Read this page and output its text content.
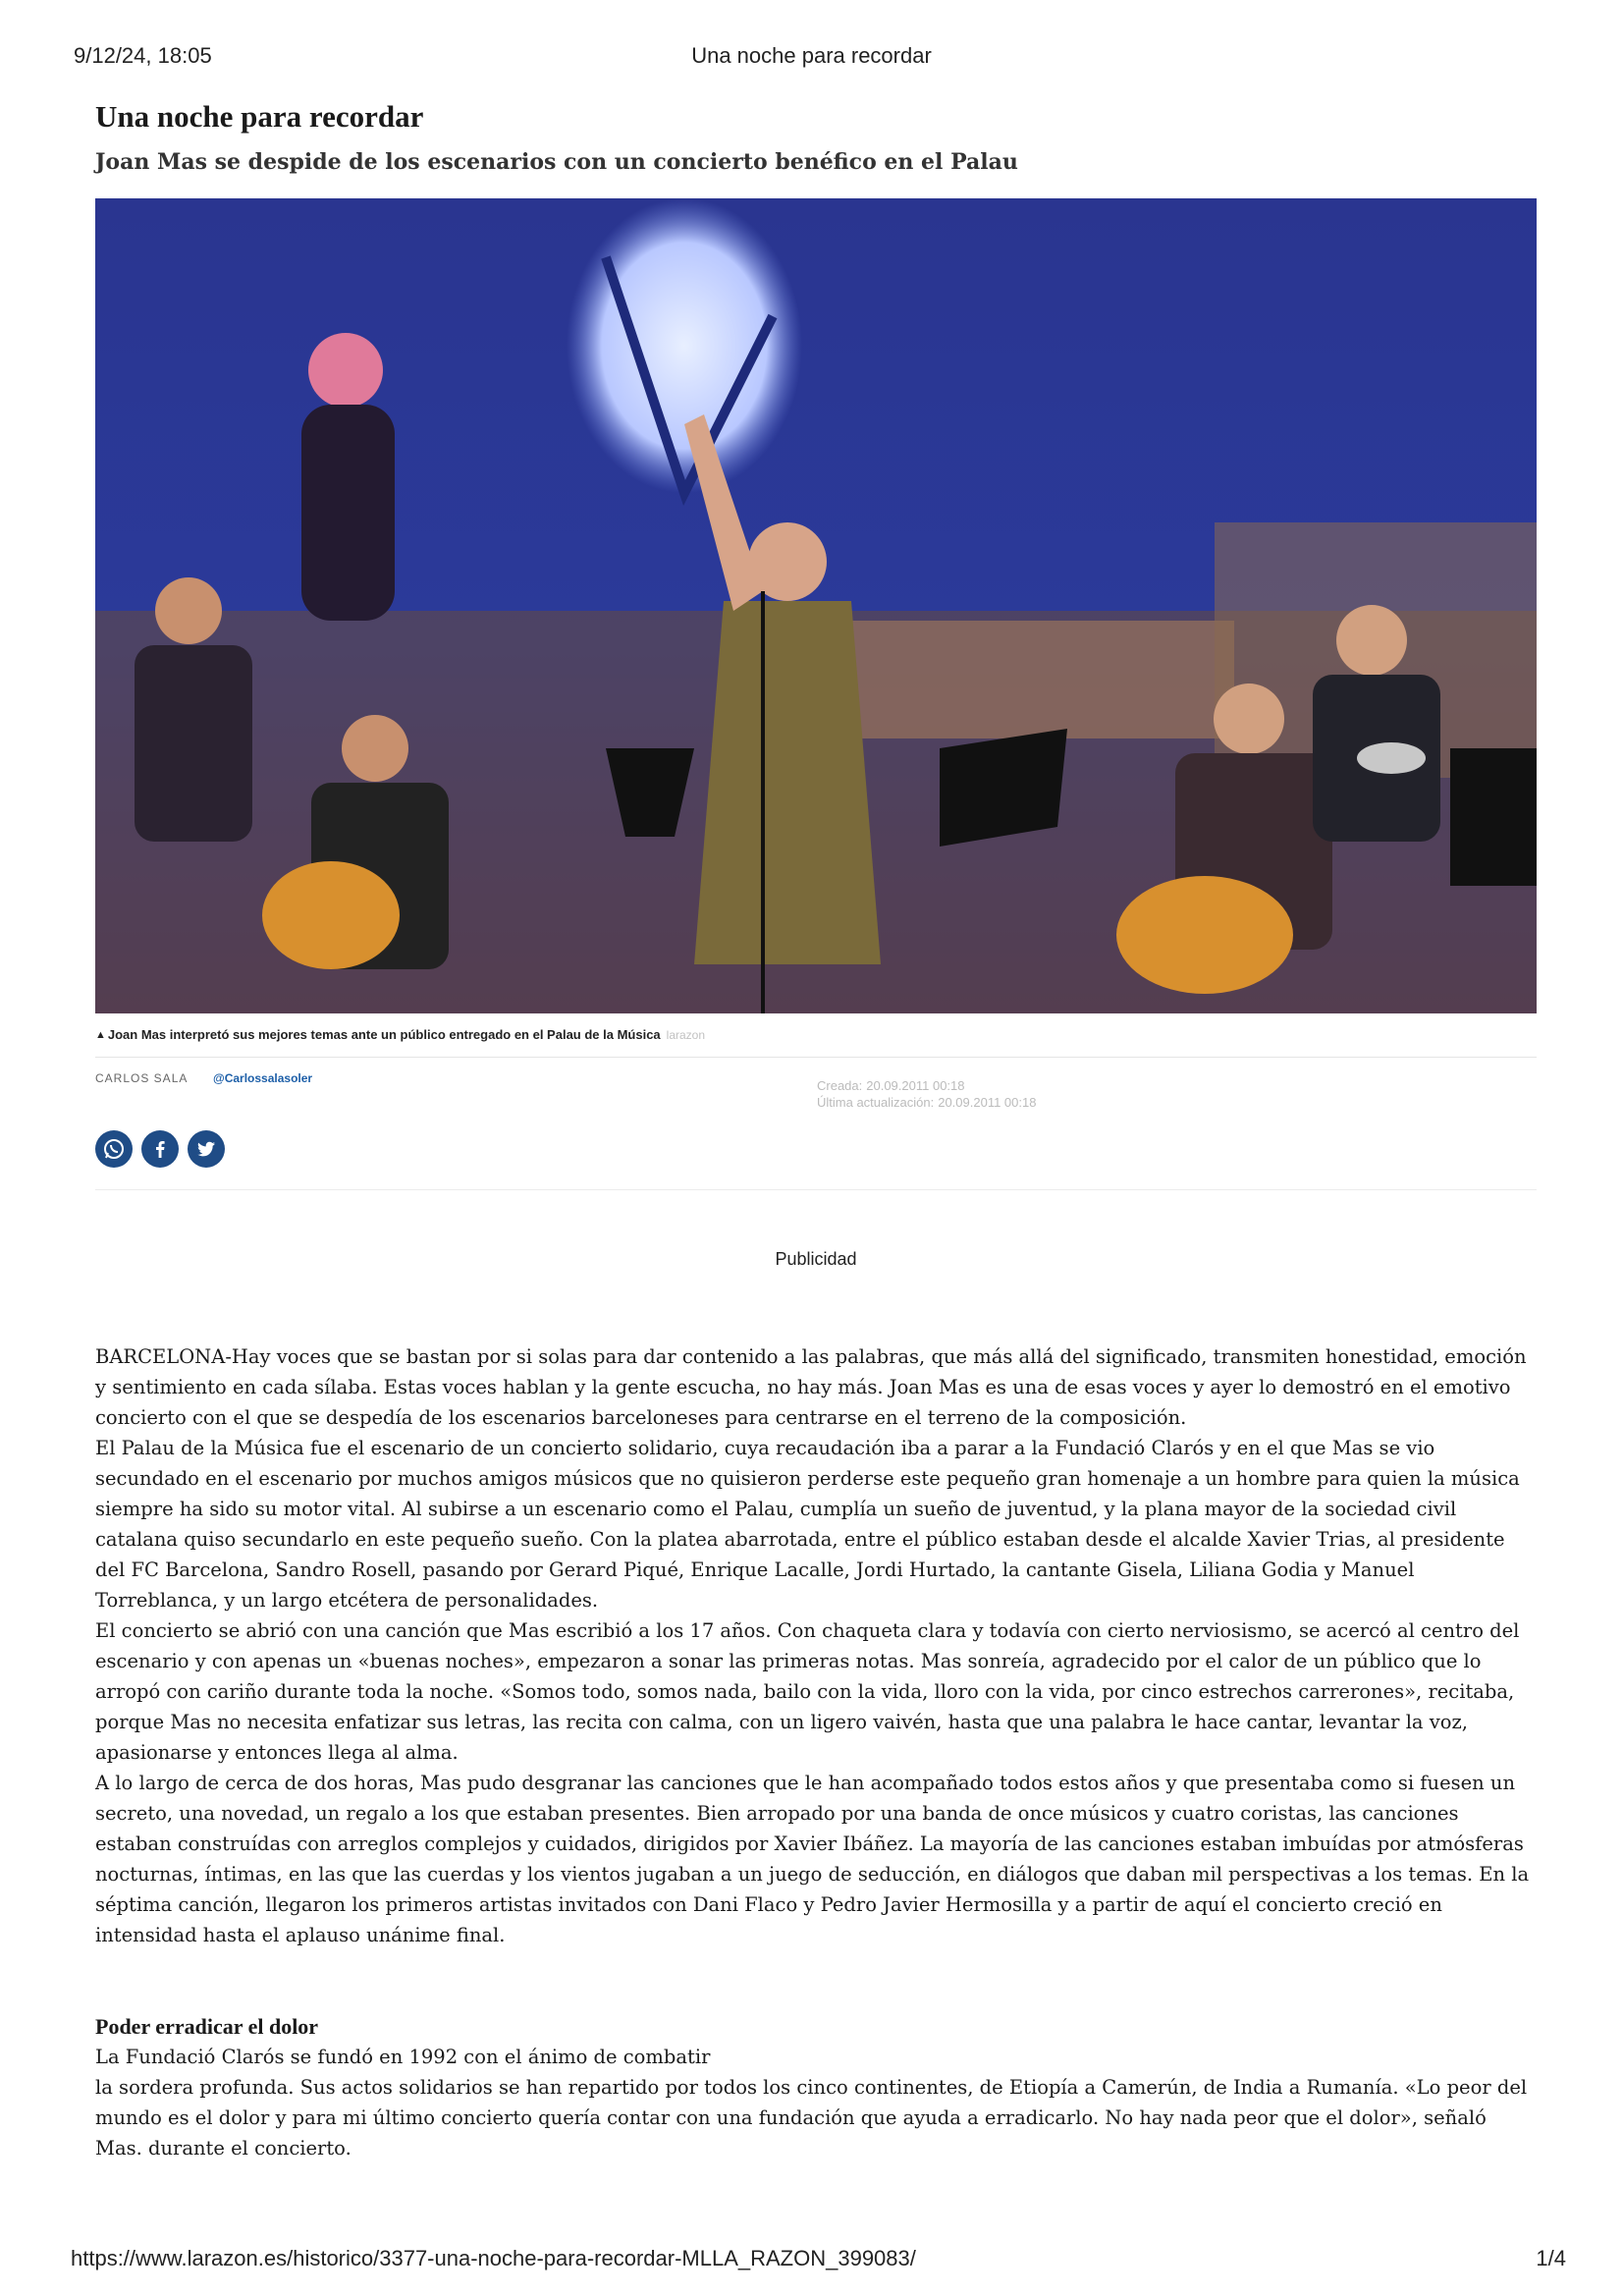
9/12/24, 18:05	Una noche para recordar
Una noche para recordar
Joan Mas se despide de los escenarios con un concierto benéfico en el Palau
▲ Joan Mas interpretó sus mejores temas ante un público entregado en el Palau de la Música larazon
CARLOS SALA @Carlossalasoler	Creada: 20.09.2011 00:18
Última actualización: 20.09.2011 00:18
Publicidad

BARCELONA-Hay voces que se bastan por si solas para dar contenido a las palabras, que más allá del significado, transmiten honestidad, emoción y sentimiento en cada sílaba. Estas voces hablan y la gente escucha, no hay más. Joan Mas es una de esas voces y ayer lo demostró en el emotivo concierto con el que se despedía de los escenarios barceloneses para centrarse en el terreno de la composición.

El Palau de la Música fue el escenario de un concierto solidario, cuya recaudación iba a parar a la Fundació Clarós y en el que Mas se vio secundado en el escenario por muchos amigos músicos que no quisieron perderse este pequeño gran homenaje a un hombre para quien la música siempre ha sido su motor vital. Al subirse a un escenario como el Palau, cumplía un sueño de juventud, y la plana mayor de la sociedad civil catalana quiso secundarlo en este pequeño sueño. Con la platea abarrotada, entre el público estaban desde el alcalde Xavier Trias, al presidente del FC Barcelona, Sandro Rosell, pasando por Gerard Piqué, Enrique Lacalle, Jordi Hurtado, la cantante Gisela, Liliana Godia y Manuel Torreblanca, y un largo etcétera de personalidades.

El concierto se abrió con una canción que Mas escribió a los 17 años. Con chaqueta clara y todavía con cierto nerviosismo, se acercó al centro del escenario y con apenas un «buenas noches», empezaron a sonar las primeras notas. Mas sonreía, agradecido por el calor de un público que lo arropó con cariño durante toda la noche. «Somos todo, somos nada, bailo con la vida, lloro con la vida, por cinco estrechos carrerones», recitaba, porque Mas no necesita enfatizar sus letras, las recita con calma, con un ligero vaivén, hasta que una palabra le hace cantar, levantar la voz, apasionarse y entonces llega al alma.

A lo largo de cerca de dos horas, Mas pudo desgranar las canciones que le han acompañado todos estos años y que presentaba como si fuesen un secreto, una novedad, un regalo a los que estaban presentes. Bien arropado por una banda de once músicos y cuatro coristas, las canciones estaban construídas con arreglos complejos y cuidados, dirigidos por Xavier Ibáñez. La mayoría de las canciones estaban imbuídas por atmósferas nocturnas, íntimas, en las que las cuerdas y los vientos jugaban a un juego de seducción, en diálogos que daban mil perspectivas a los temas. En la séptima canción, llegaron los primeros artistas invitados con Dani Flaco y Pedro Javier Hermosilla y a partir de aquí el concierto creció en intensidad hasta el aplauso unánime final.

Poder erradicar el dolor

La Fundació Clarós se fundó en 1992 con el ánimo de combatir

la sordera profunda. Sus actos solidarios se han repartido por todos los cinco continentes, de Etiopía a Camerún, de India a Rumanía. «Lo peor del mundo es el dolor y para mi último concierto quería contar con una fundación que ayuda a erradicarlo. No hay nada peor que el dolor», señaló Mas. durante el concierto.

https://www.larazon.es/historico/3377-una-noche-para-recordar-MLLA_RAZON_399083/	1/4
